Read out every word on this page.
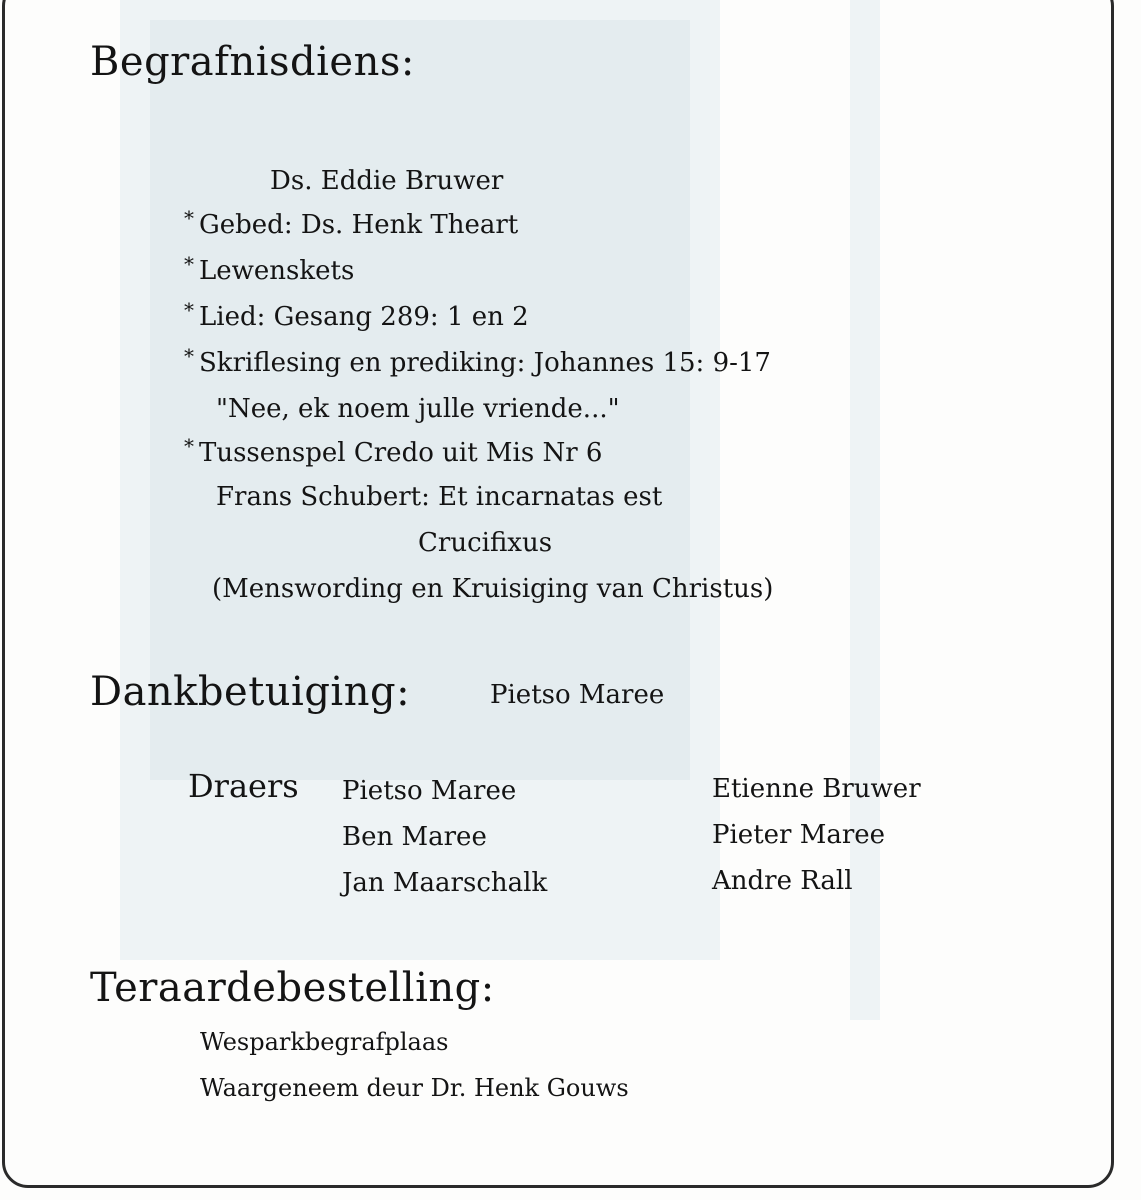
Begrafnisdiens:
Ds. Eddie Bruwer
* Gebed: Ds. Henk Theart
* Lewenskets
* Lied: Gesang 289: 1 en 2
* Skriflesing en prediking: Johannes 15: 9-17
"Nee, ek noem julle vriende..."
* Tussenspel Credo uit Mis Nr 6
Frans Schubert: Et incarnatas est
Crucifixus
(Menswording en Kruisiging van Christus)
Dankbetuiging:	Pietso Maree
Draers Pietso Maree
Ben Maree
Jan Maarschalk
Etienne Bruwer
Pieter Maree
Andre Rall
Teraardebestelling:
Wesparkbegrafplaas
Waargeneem deur Dr. Henk Gouws
